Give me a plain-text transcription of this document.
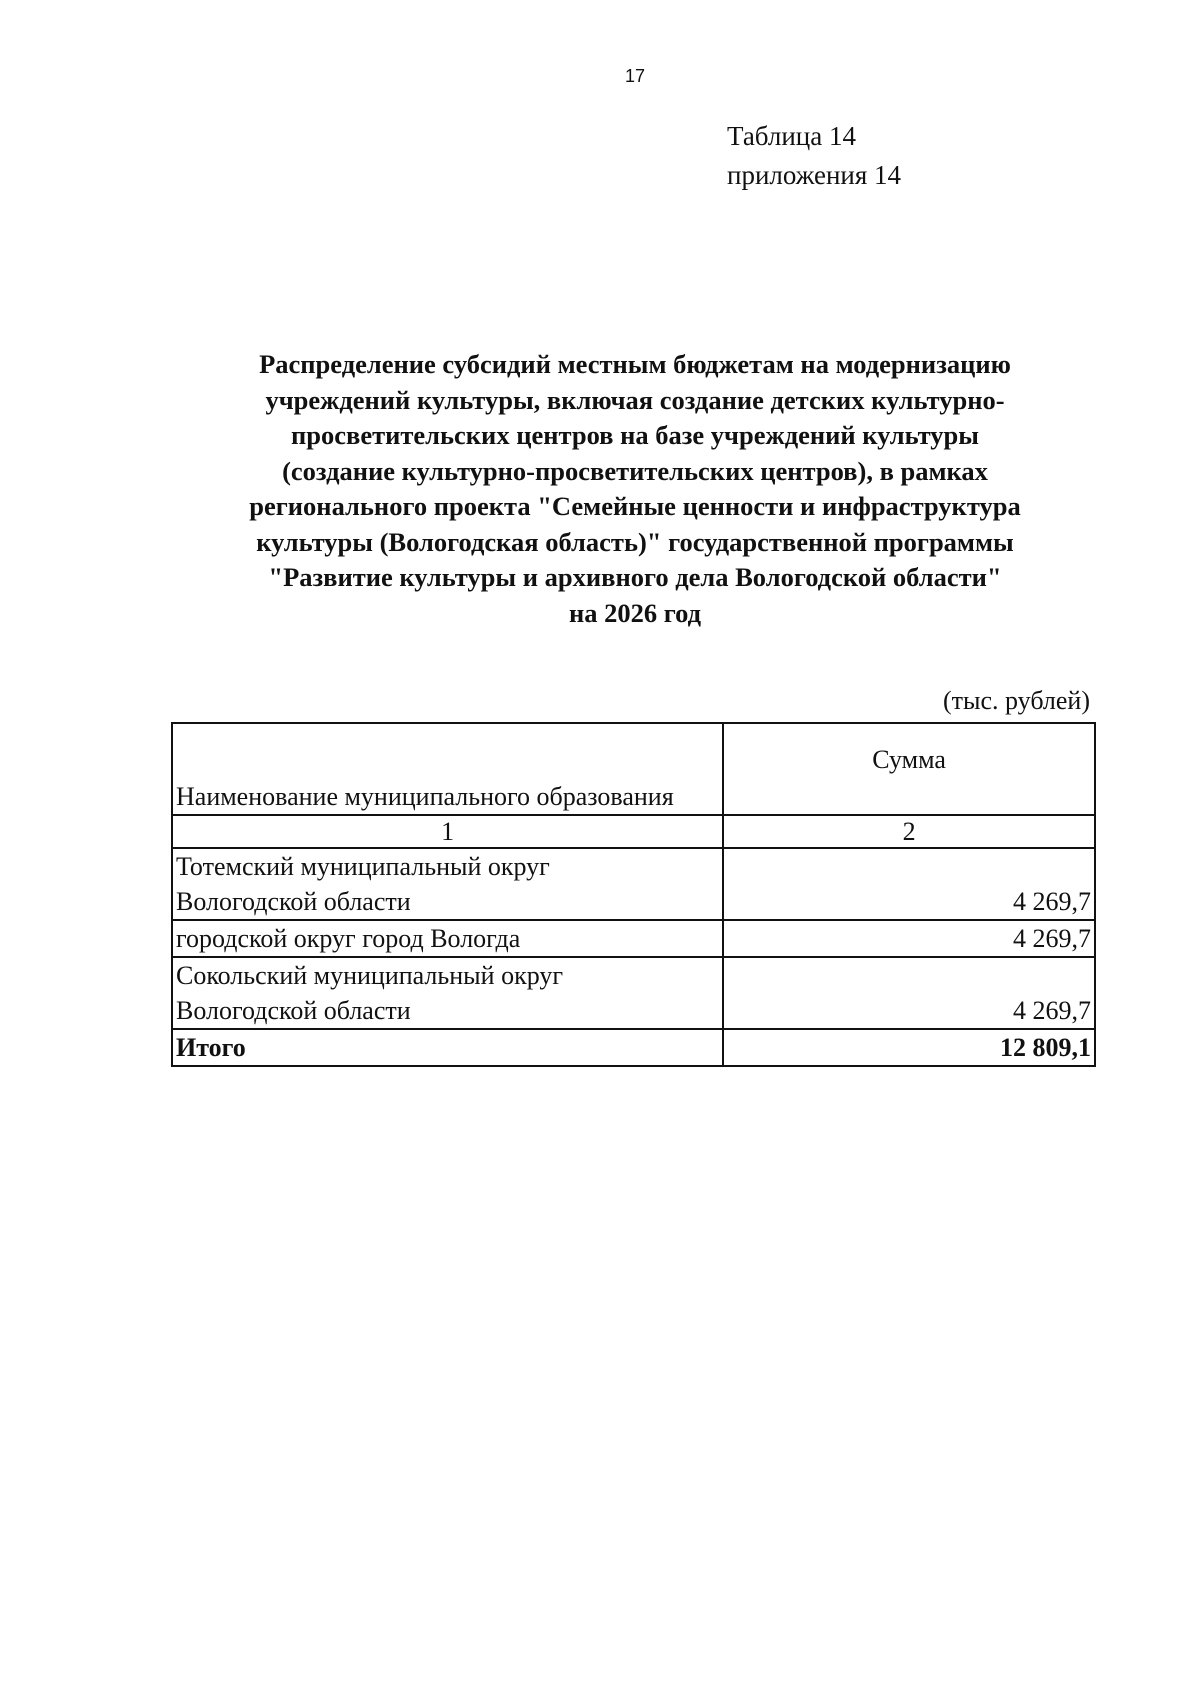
17
Таблица 14
приложения 14
Распределение субсидий местным бюджетам на модернизацию
учреждений культуры, включая создание детских культурно-
просветительских центров на базе учреждений культуры
(создание культурно-просветительских центров), в рамках
регионального проекта "Семейные ценности и инфраструктура
культуры (Вологодская область)" государственной программы
"Развитие культуры и архивного дела Вологодской области"
на 2026 год
(тыс. рублей)
Наименование муниципального образования	Сумма
1	2

Тотемский муниципальный округ
Вологодской области	4 269,7

городской округ город Вологда	4 269,7

Сокольский муниципальный округ
Вологодской области	4 269,7
Итого	12 809,1
